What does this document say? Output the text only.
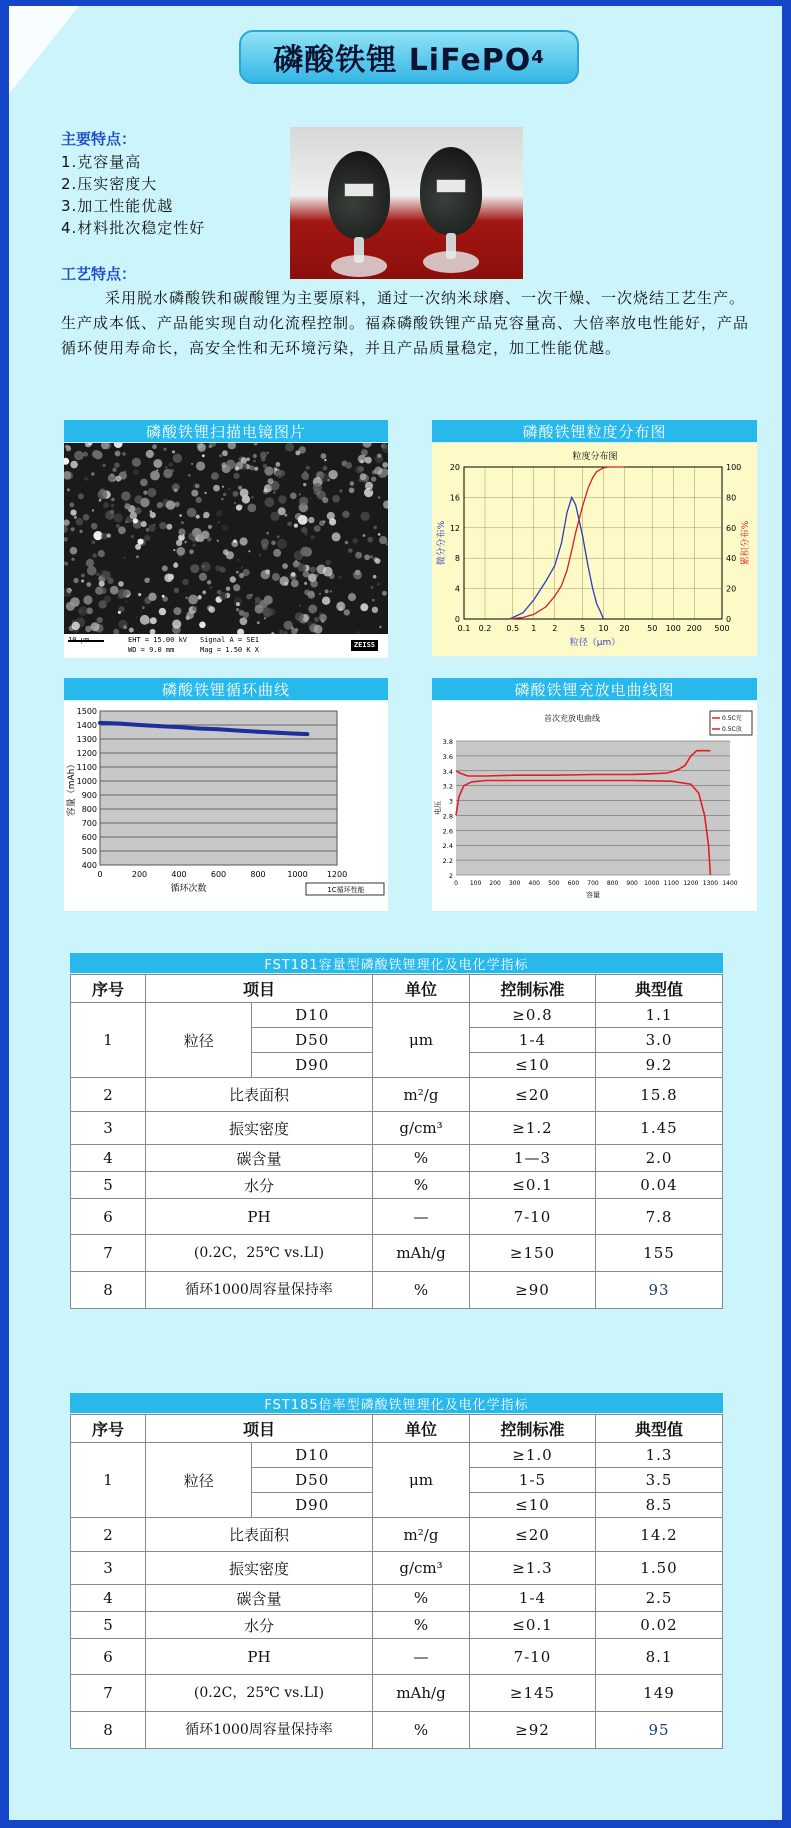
磷酸铁锂 LiFePO 4
主要特点：
1.克容量高
2.压实密度大
3.加工性能优越
4.材料批次稳定性好
工艺特点：
采用脱水磷酸铁和碳酸锂为主要原料，通过一次纳米球磨、一次干燥、一次烧结工艺生产。生产成本低、产品能实现自动化流程控制。福森磷酸铁锂产品克容量高、大倍率放电性能好，产品循环使用寿命长，高安全性和无环境污染，并且产品质量稳定，加工性能优越。
磷酸铁锂扫描电镜图片
EHT = 15.00 kV
WD = 9.0 mm
Signal A = SE1
Mag = 1.50 K X
ZEISS
磷酸铁锂粒度分布图
粒度分布图
0.1 0.2 0.5 1 2	5 10 20 50 100 200 500
0
4
8
12
16
20
0
20
40
60
80
100
粒径（μm）
微分分布%	累积分布%
磷酸铁锂循环曲线
400
500
600
700
800
900
1000
1100
1200
1300
1400
1500
0	200	400	600	800	1000 1200
循环次数
容量（mAh）
1C循环性能
磷酸铁锂充放电曲线图
首次充放电曲线
2
2.2
2.4
2.6
2.8
3
3.2
3.4
3.6
3.8
0 100 200 300 400 500 600 700 800 900 1000 1100 1200 1300 1400
容量
电压
0.5C充
0.5C放
FST181容量型磷酸铁锂理化及电化学指标
序号	项目		单位	控制标准	典型值
1	粒径	D10	μm	≥0.8	1.1
		D50		1-4	3.0
		D90		≤10	9.2
2	比表面积		m²/g	≤20	15.8
3	振实密度		g/cm³	≥1.2	1.45
4	碳含量		%	1—3	2.0
5	水分		%	≤0.1	0.04
6	PH		—	7-10	7.8
7	(0.2C，25℃ vs.LI)		mAh/g	≥150	155
8	循环1000周容量保持率		%	≥90	93
FST185倍率型磷酸铁锂理化及电化学指标
序号	项目		单位	控制标准	典型值
1	粒径	D10	μm	≥1.0	1.3
		D50		1-5	3.5
		D90		≤10	8.5
2	比表面积		m²/g	≤20	14.2
3	振实密度		g/cm³	≥1.3	1.50
4	碳含量		%	1-4	2.5
5	水分		%	≤0.1	0.02
6	PH		—	7-10	8.1
7	(0.2C，25℃ vs.LI)		mAh/g	≥145	149
8	循环1000周容量保持率		%	≥92	95
